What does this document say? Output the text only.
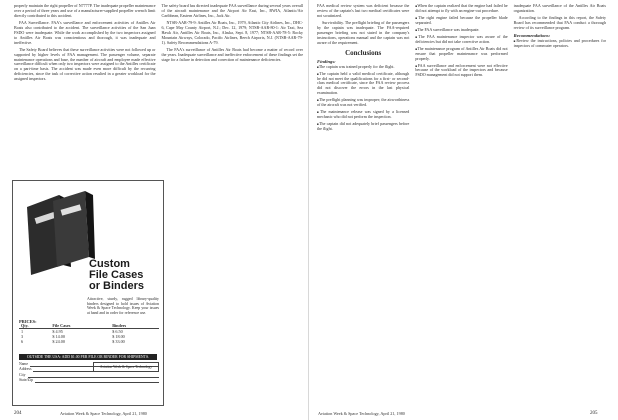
properly maintain the right propeller of N7777P. The inadequate propeller maintenance over a period of three years and use of a manufacturer-supplied propeller wrench limit directly contributed to this accident.

FAA Surveillance. FAA's surveillance and enforcement activities of Antilles Air Boats also contributed to the accident. The surveillance activities of the San Juan FSDO were inadequate. While the work accomplished by the two inspectors assigned to Antilles Air Boats was conscientious and thorough, it was inadequate and ineffective.

The Safety Board believes that these surveillance activities were not followed up or supported by higher levels of FAA management. The passenger volume, separate maintenance operations and base, the number of aircraft and employee made effective surveillance difficult when only two inspectors were assigned to the Antilles certificate on a part-time basis. The accident was made even more difficult by the recurring deficiencies, since the task of corrective action resulted in a greater workload for the assigned inspectors.

The safety board has directed inadequate FAA surveillance during several years overall of the aircraft maintenance and the Airport Air East, Inc., BWIA, Atlantic/Air Caribbean, Eastern Airlines, Inc., Jack Air.

NTSB-AAR-79-9: Antilles Air Boats, Inc., 1979, Atlantic City Airlines, Inc., DHC-6, Cape May County Airport, N.J.; Dec. 12, 1979; NTSB-AAR-80-1: Air Taxi, Sea Hawk Air, Antilles Air Boats, Inc., Alaska, Sept. 8, 1977; NTSB-AAR-78-5: Rocky Mountain Airways, Colorado, Pacific Airlines, Beech Airports, N.J. (NTSB-AAR-79-1). Safety Recommendations A-79.

The FAA's surveillance of Antilles Air Boats had become a matter of record over the years. Inadequate surveillance and ineffective enforcement of these findings set the stage for a failure in detection and correction of maintenance deficiencies.

Custom
File Cases
or Binders
Attractive, sturdy, rugged library-quality binders designed to hold issues of Aviation Week & Space Technology. Keep your issues at hand and in order for reference use.
PRICES:
Qty.	File Cases	Binders
1	$ 4.95	$ 6.50
3	$ 14.00	$ 18.00
6	$ 24.00	$ 33.00
OUTSIDE THE USA: ADD $1.00 PER FILE OR BINDER FOR SHIPMENTS.
Name
Address
City
State/Zip
Aviation Week & Space Technology
Aviation Week & Space Technology, April 21, 1980
204

FAA medical review system was deficient because the review of the captain's last two medical certificates were not scrutinized.

Survivability. The preflight briefing of the passengers by the captain was inadequate. The FAA-required passenger briefing was not stated in the company's instructions, operations manual and the captain was not aware of the requirement.

Conclusions
Findings:
■ The captain was trained properly for the flight.
■ The captain held a valid medical certificate, although he did not meet the qualifications for a first- or second-class medical certificate, since the FAA review process did not discover the errors in the last physical examination.
■ The preflight planning was improper; the airworthiness of the aircraft was not verified.
■ The maintenance release was signed by a licensed mechanic who did not perform the inspection.
■ The captain did not adequately brief passengers before the flight.
■ When the captain realized that the engine had failed he did not attempt to fly with an engine-out procedure.
■ The right engine failed because the propeller blade separated.
■ The FAA surveillance was inadequate.
■ The FAA maintenance inspector was aware of the deficiencies but did not take corrective action.
■ The maintenance program of Antilles Air Boats did not ensure that propeller maintenance was performed properly.
■ FAA surveillance and enforcement were not effective because of the workload of the inspectors and because FSDO management did not support them.

inadequate FAA surveillance of the Antilles Air Boats organization.

According to the findings in this report, the Safety Board has recommended that FAA conduct a thorough review of its surveillance program.

Recommendations:
■ Review the instructions, policies and procedures for inspectors of commuter operators.
Aviation Week & Space Technology, April 21, 1980	205
